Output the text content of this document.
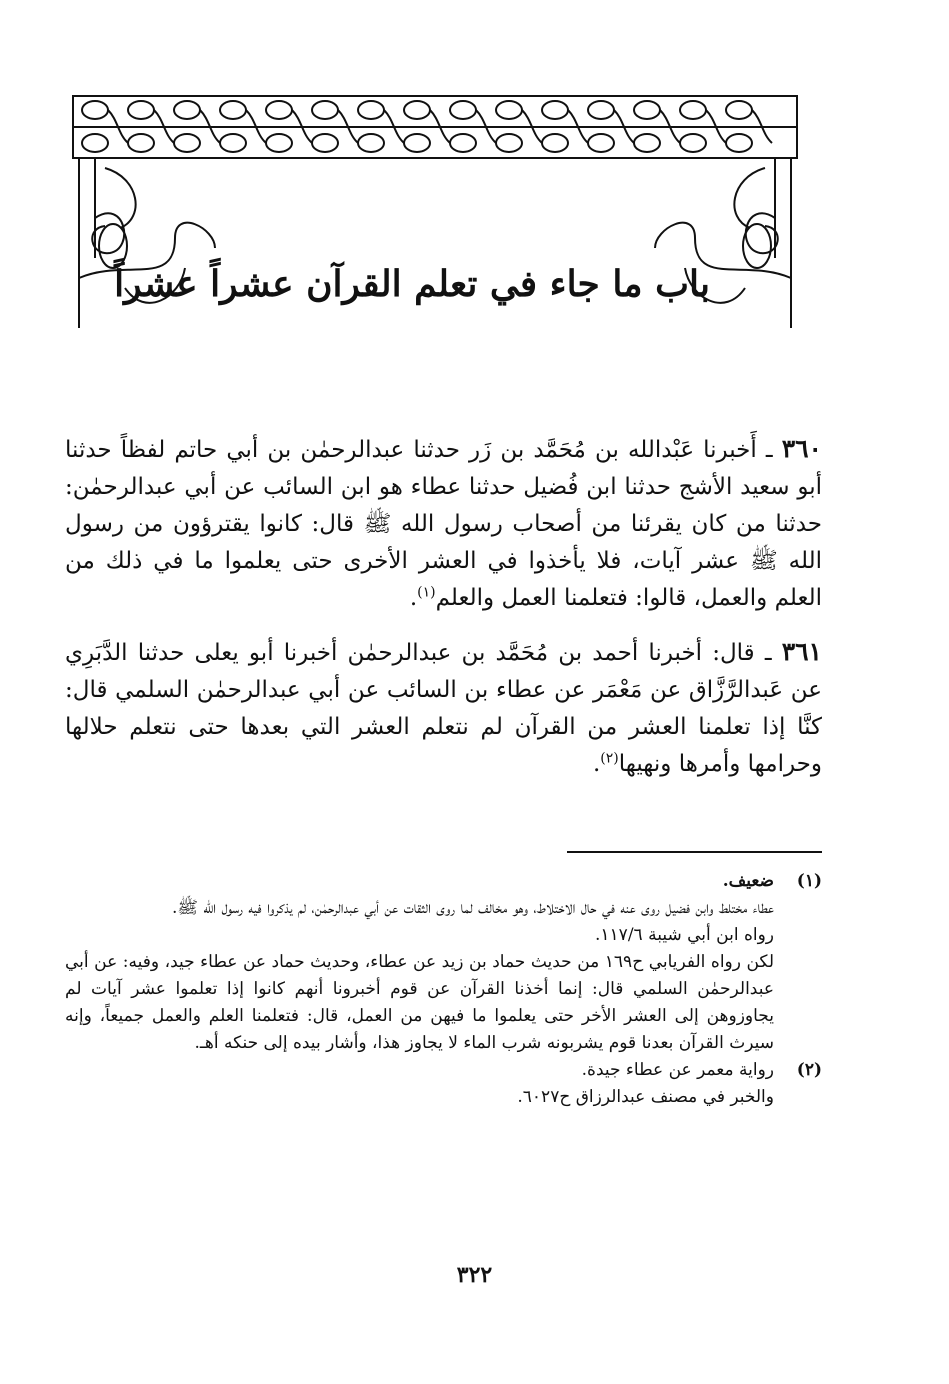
باب ما جاء في تعلم القرآن عشراً عشراً

٣٦٠ ـ أَخبرنا عَبْدالله بن مُحَمَّد بن زَر حدثنا عبدالرحمٰن بن أبي حاتم لفظاً حدثنا أبو سعيد الأشج حدثنا ابن فُضيل حدثنا عطاء هو ابن السائب عن أبي عبدالرحمٰن: حدثنا من كان يقرئنا من أصحاب رسول الله ﷺ قال: كانوا يقترؤون من رسول الله ﷺ عشر آيات، فلا يأخذوا في العشر الأخرى حتى يعلموا ما في ذلك من العلم والعمل، قالوا: فتعلمنا العمل والعلم$^{(١)}$.

٣٦١ ـ قال: أخبرنا أحمد بن مُحَمَّد بن عبدالرحمٰن أخبرنا أبو يعلى حدثنا الدَّبَرِي عن عَبدالرَّزَّاق عن مَعْمَر عن عطاء بن السائب عن أبي عبدالرحمٰن السلمي قال: كنَّا إذا تعلمنا العشر من القرآن لم نتعلم العشر التي بعدها حتى نتعلم حلالها وحرامها وأمرها ونهيها$^{(٢)}$.

(١)
ضعيف.
عطاء مختلط وابن فضيل روى عنه في حال الاختلاط، وهو مخالف لما روى الثقات عن أبي عبدالرحمٰن، لم يذكروا فيه رسول الله ﷺ.
رواه ابن أبي شيبة ١١٧/٦.
لكن رواه الفريابي ح١٦٩ من حديث حماد بن زيد عن عطاء، وحديث حماد عن عطاء جيد، وفيه: عن أبي عبدالرحمٰن السلمي قال: إنما أخذنا القرآن عن قوم أخبرونا أنهم كانوا إذا تعلموا عشر آيات لم يجاوزوهن إلى العشر الأخر حتى يعلموا ما فيهن من العمل، قال: فتعلمنا العلم والعمل جميعاً، وإنه سيرث القرآن بعدنا قوم يشربونه شرب الماء لا يجاوز هذا، وأشار بيده إلى حنكه أهـ.
(٢)
رواية معمر عن عطاء جيدة.
والخبر في مصنف عبدالرزاق ح٦٠٢٧.
٣٢٢
